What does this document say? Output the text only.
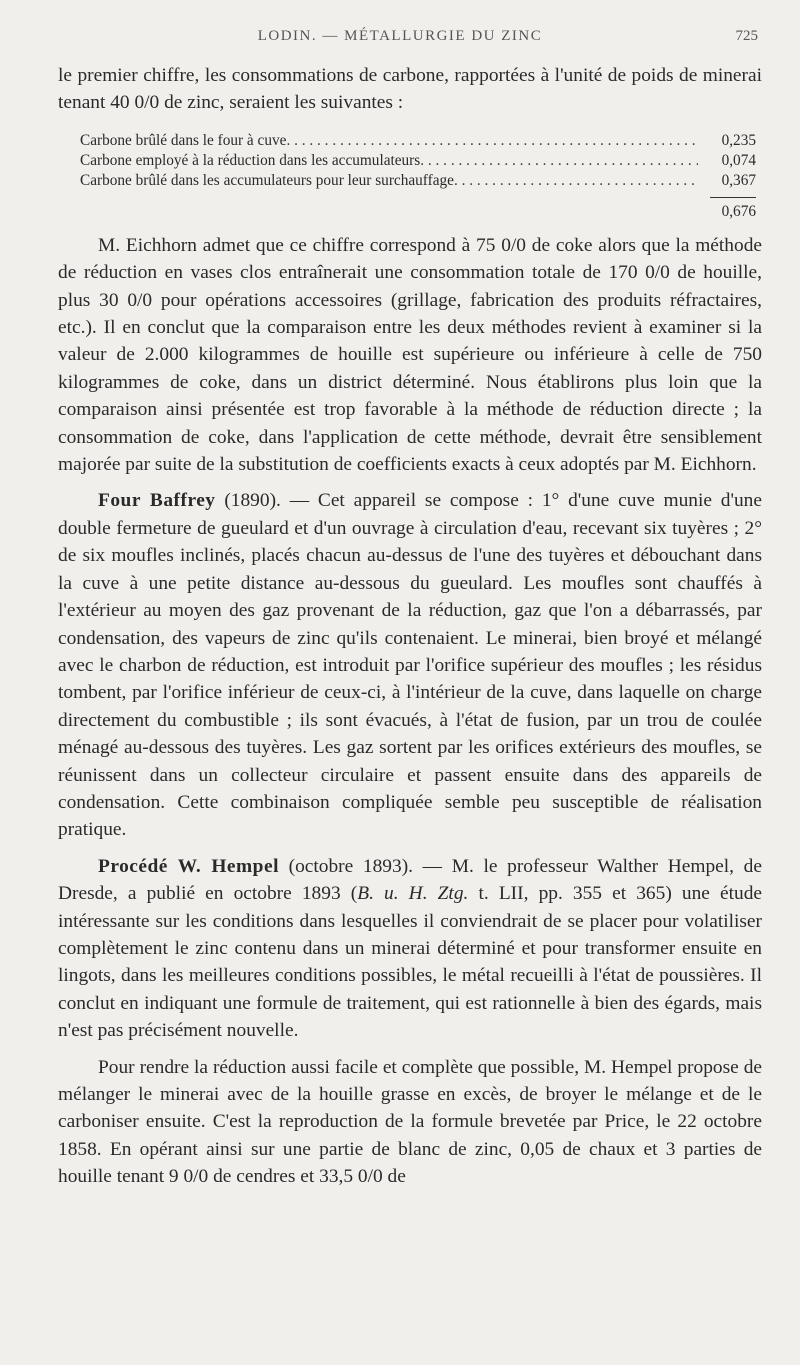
LODIN. — MÉTALLURGIE DU ZINC	725

le premier chiffre, les consommations de carbone, rapportées à l'unité de poids de minerai tenant 40 0/0 de zinc, seraient les suivantes :

Carbone brûlé dans le four à cuve . . .	0,235
Carbone employé à la réduction dans les accumulateurs . . .	0,074
Carbone brûlé dans les accumulateurs pour leur surchauffage . . .	0,367
0,676

M. Eichhorn admet que ce chiffre correspond à 75 0/0 de coke alors que la méthode de réduction en vases clos entraînerait une consommation totale de 170 0/0 de houille, plus 30 0/0 pour opérations accessoires (grillage, fabrication des produits réfractaires, etc.). Il en conclut que la comparaison entre les deux méthodes revient à examiner si la valeur de 2.000 kilogrammes de houille est supérieure ou inférieure à celle de 750 kilogrammes de coke, dans un district déterminé. Nous établirons plus loin que la comparaison ainsi présentée est trop favorable à la méthode de réduction directe ; la consommation de coke, dans l'application de cette méthode, devrait être sensiblement majorée par suite de la substitution de coefficients exacts à ceux adoptés par M. Eichhorn.

Four Baffrey (1890). — Cet appareil se compose : 1° d'une cuve munie d'une double fermeture de gueulard et d'un ouvrage à circulation d'eau, recevant six tuyères ; 2° de six moufles inclinés, placés chacun au-dessus de l'une des tuyères et débouchant dans la cuve à une petite distance au-dessous du gueulard. Les moufles sont chauffés à l'extérieur au moyen des gaz provenant de la réduction, gaz que l'on a débarrassés, par condensation, des vapeurs de zinc qu'ils contenaient. Le minerai, bien broyé et mélangé avec le charbon de réduction, est introduit par l'orifice supérieur des moufles ; les résidus tombent, par l'orifice inférieur de ceux-ci, à l'intérieur de la cuve, dans laquelle on charge directement du combustible ; ils sont évacués, à l'état de fusion, par un trou de coulée ménagé au-dessous des tuyères. Les gaz sortent par les orifices extérieurs des moufles, se réunissent dans un collecteur circulaire et passent ensuite dans des appareils de condensation. Cette combinaison compliquée semble peu susceptible de réalisation pratique.

Procédé W. Hempel (octobre 1893). — M. le professeur Walther Hempel, de Dresde, a publié en octobre 1893 (B. u. H. Ztg. t. LII, pp. 355 et 365) une étude intéressante sur les conditions dans lesquelles il conviendrait de se placer pour volatiliser complètement le zinc contenu dans un minerai déterminé et pour transformer ensuite en lingots, dans les meilleures conditions possibles, le métal recueilli à l'état de poussières. Il conclut en indiquant une formule de traitement, qui est rationnelle à bien des égards, mais n'est pas précisément nouvelle.

Pour rendre la réduction aussi facile et complète que possible, M. Hempel propose de mélanger le minerai avec de la houille grasse en excès, de broyer le mélange et de le carboniser ensuite. C'est la reproduction de la formule brevetée par Price, le 22 octobre 1858. En opérant ainsi sur une partie de blanc de zinc, 0,05 de chaux et 3 parties de houille tenant 9 0/0 de cendres et 33,5 0/0 de
